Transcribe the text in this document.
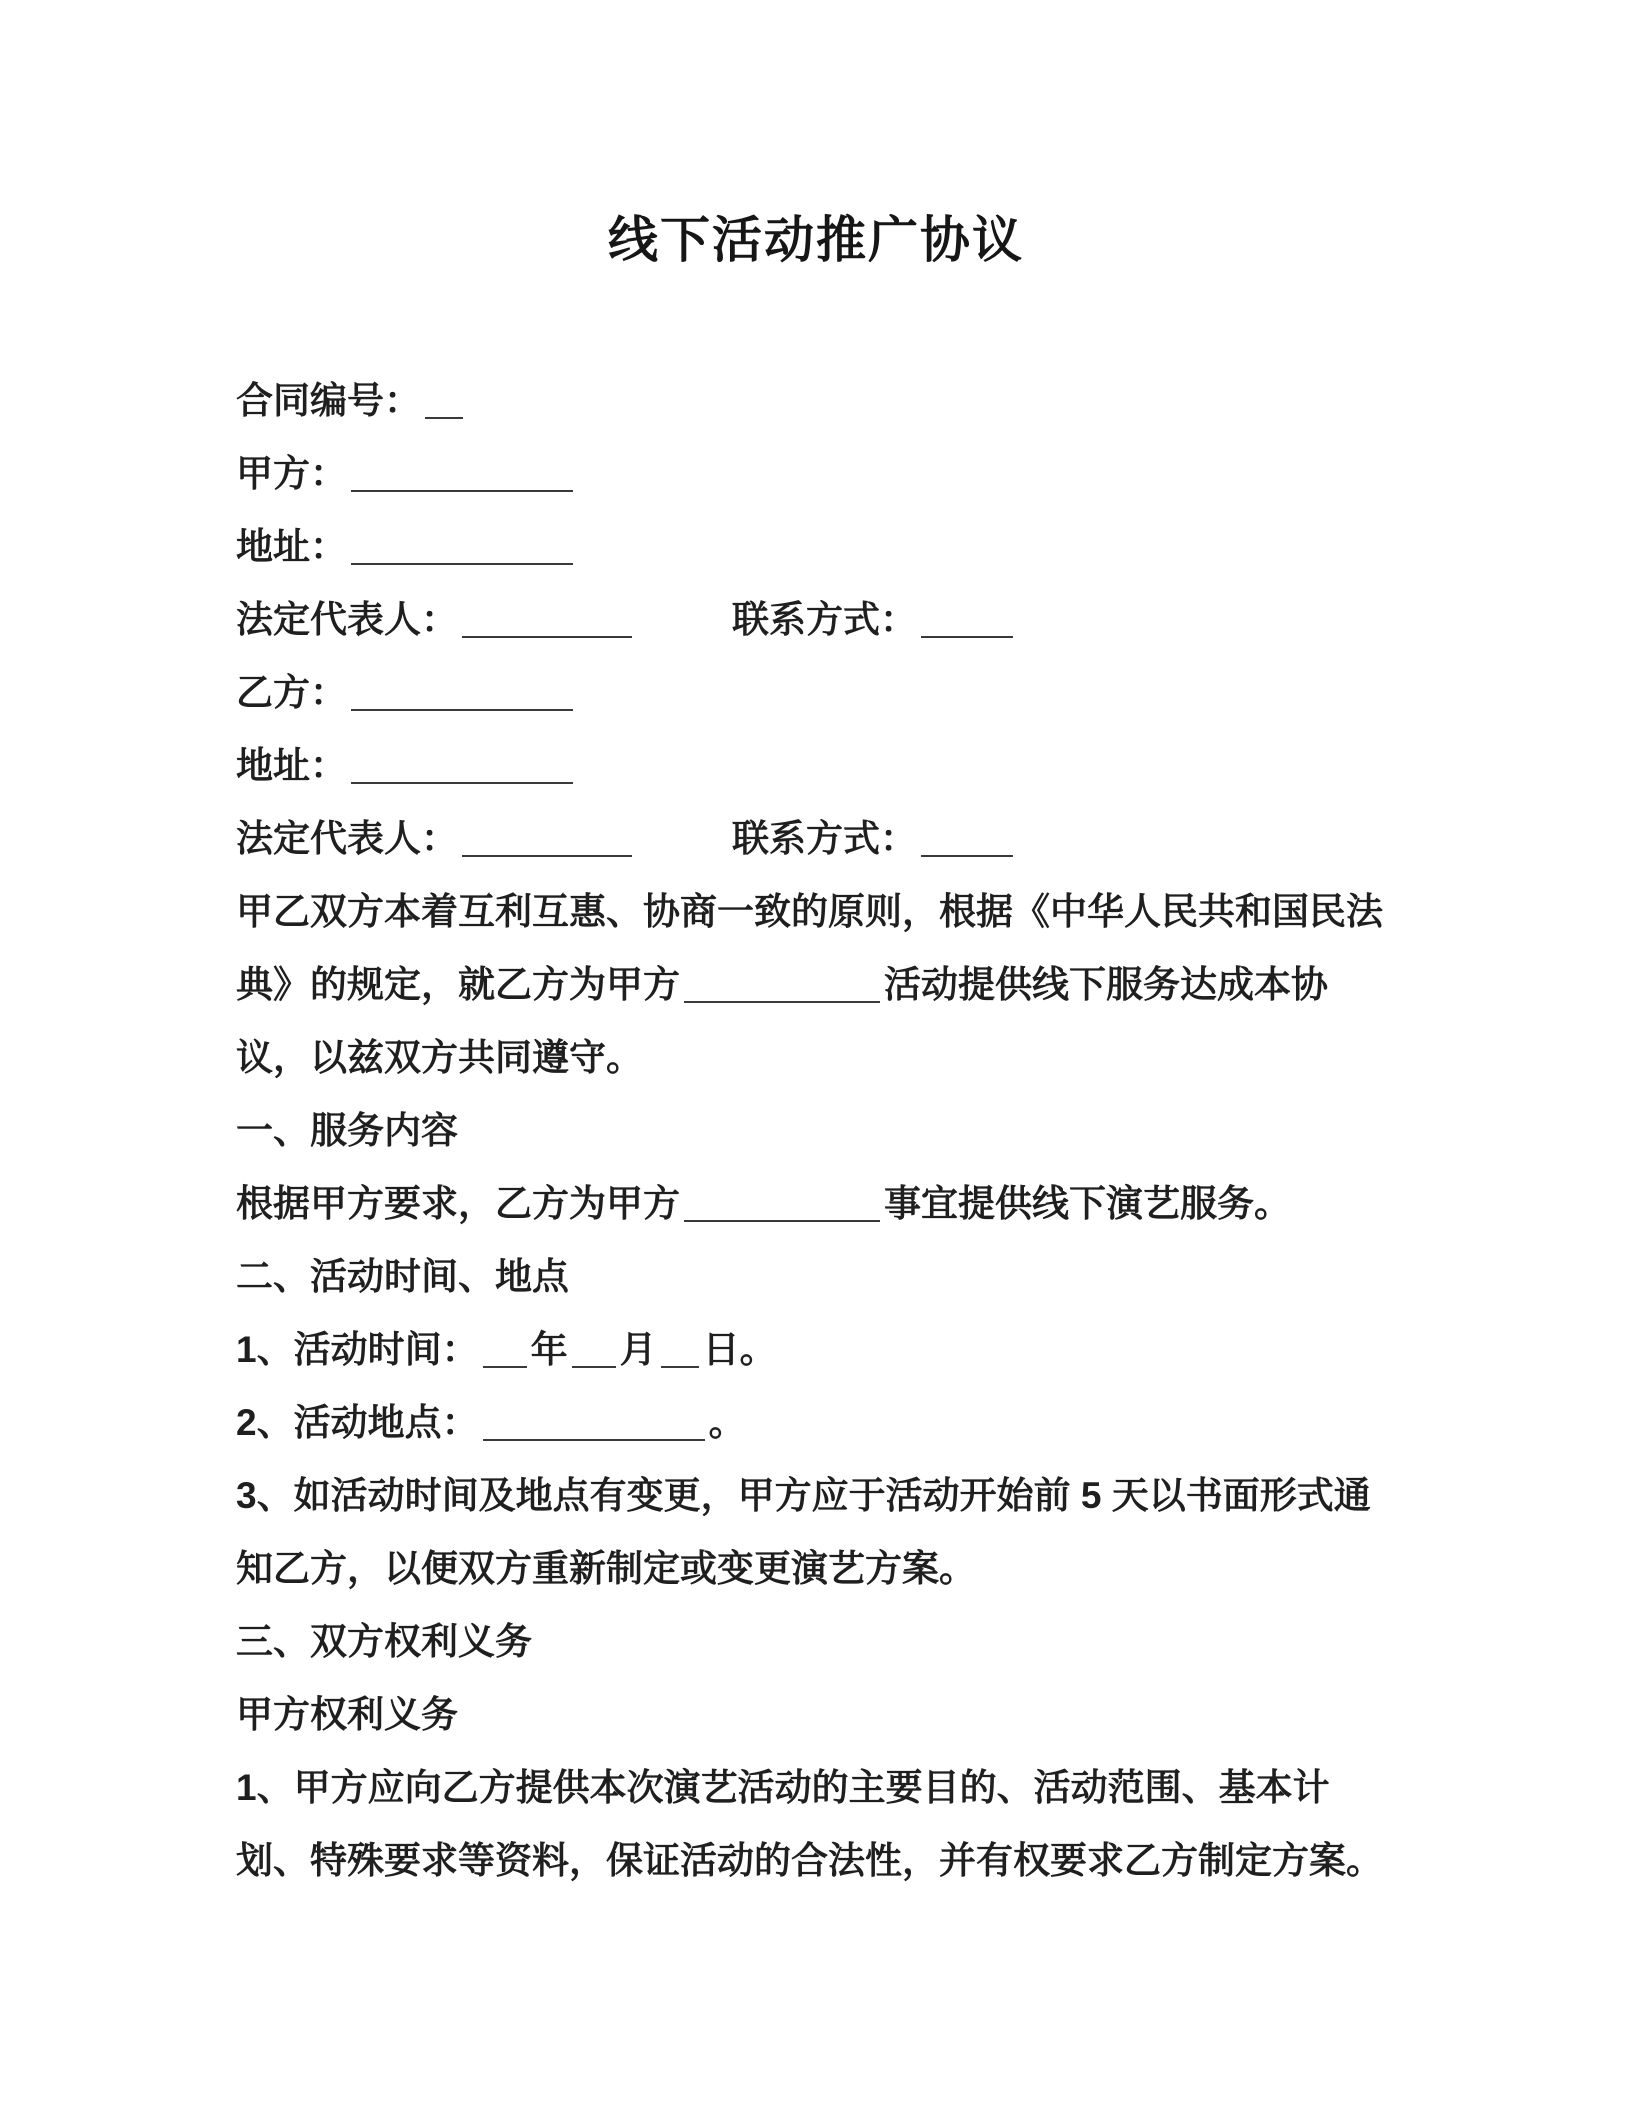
线下活动推广协议
合同编号：
甲方：
地址：
法定代表人：	联系方式：
乙方：
地址：
法定代表人：	联系方式：

甲乙双方本着互利互惠、协商一致的原则，根据《中华人民共和国民法典》的规定，就乙方为甲方	活动提供线下服务达成本协议，以兹双方共同遵守。

一、服务内容

根据甲方要求，乙方为甲方	事宜提供线下演艺服务。

二、活动时间、地点
1、活动时间： 年 月 日。
2、活动地点：	。

3、如活动时间及地点有变更，甲方应于活动开始前 5 天以书面形式通知乙方，以便双方重新制定或变更演艺方案。

三、双方权利义务
甲方权利义务

1、甲方应向乙方提供本次演艺活动的主要目的、活动范围、基本计划、特殊要求等资料，保证活动的合法性，并有权要求乙方制定方案。
